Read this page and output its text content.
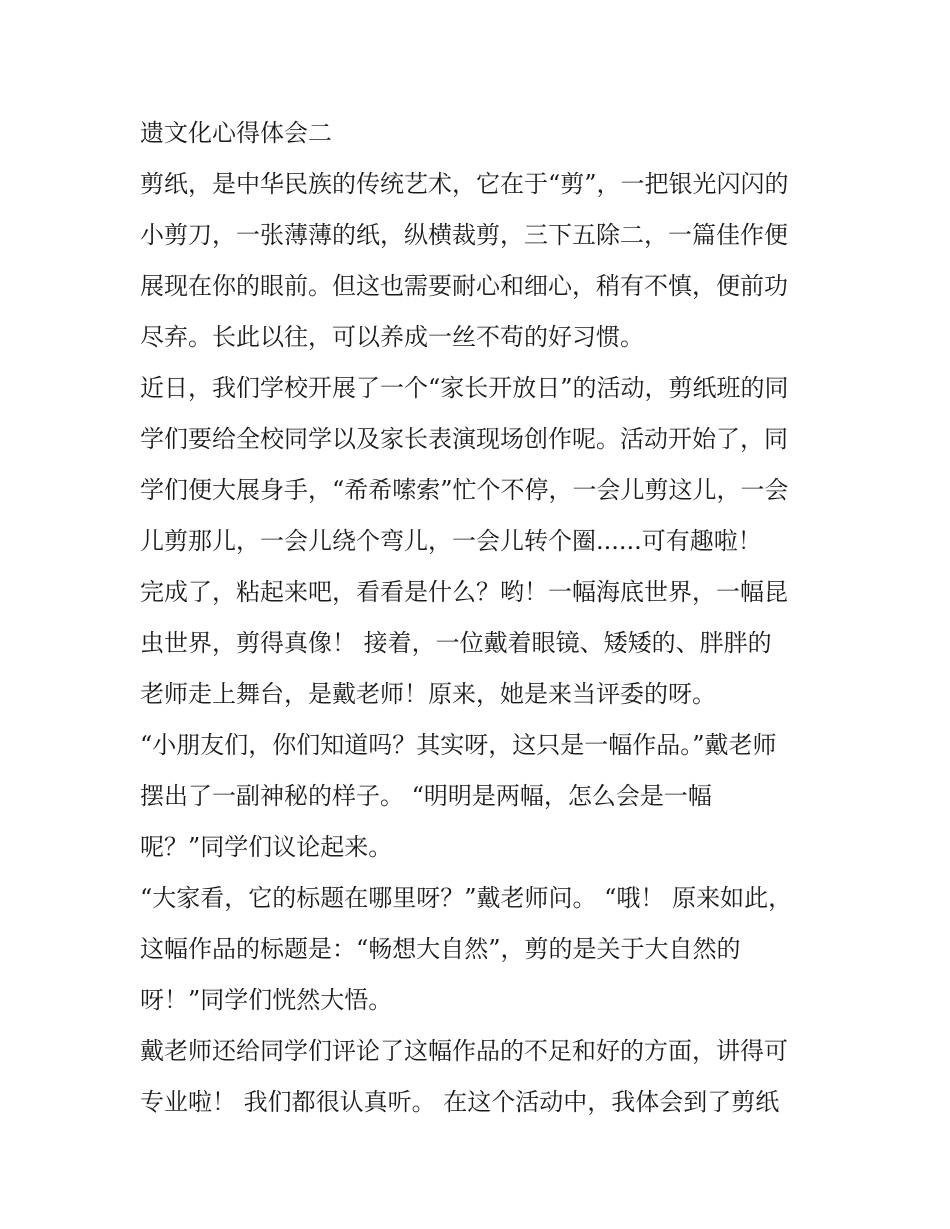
遗文化心得体会二
剪纸，是中华民族的传统艺术，它在于“剪”，一把银光闪闪的
小剪刀，一张薄薄的纸，纵横裁剪，三下五除二，一篇佳作便
展现在你的眼前。但这也需要耐心和细心，稍有不慎，便前功
尽弃。长此以往，可以养成一丝不苟的好习惯。
近日，我们学校开展了一个“家长开放日”的活动，剪纸班的同
学们要给全校同学以及家长表演现场创作呢。活动开始了，同
学们便大展身手，“希希嗦索”忙个不停，一会儿剪这儿，一会
儿剪那儿，一会儿绕个弯儿，一会儿转个圈......可有趣啦！
完成了，粘起来吧，看看是什么？哟！一幅海底世界，一幅昆
虫世界，剪得真像！ 接着，一位戴着眼镜、矮矮的、胖胖的
老师走上舞台，是戴老师！原来，她是来当评委的呀。
“小朋友们，你们知道吗？其实呀，这只是一幅作品。”戴老师
摆出了一副神秘的样子。 “明明是两幅，怎么会是一幅
呢？”同学们议论起来。
“大家看，它的标题在哪里呀？”戴老师问。 “哦！ 原来如此，
这幅作品的标题是：“畅想大自然”，剪的是关于大自然的
呀！”同学们恍然大悟。
戴老师还给同学们评论了这幅作品的不足和好的方面，讲得可
专业啦！ 我们都很认真听。 在这个活动中，我体会到了剪纸
